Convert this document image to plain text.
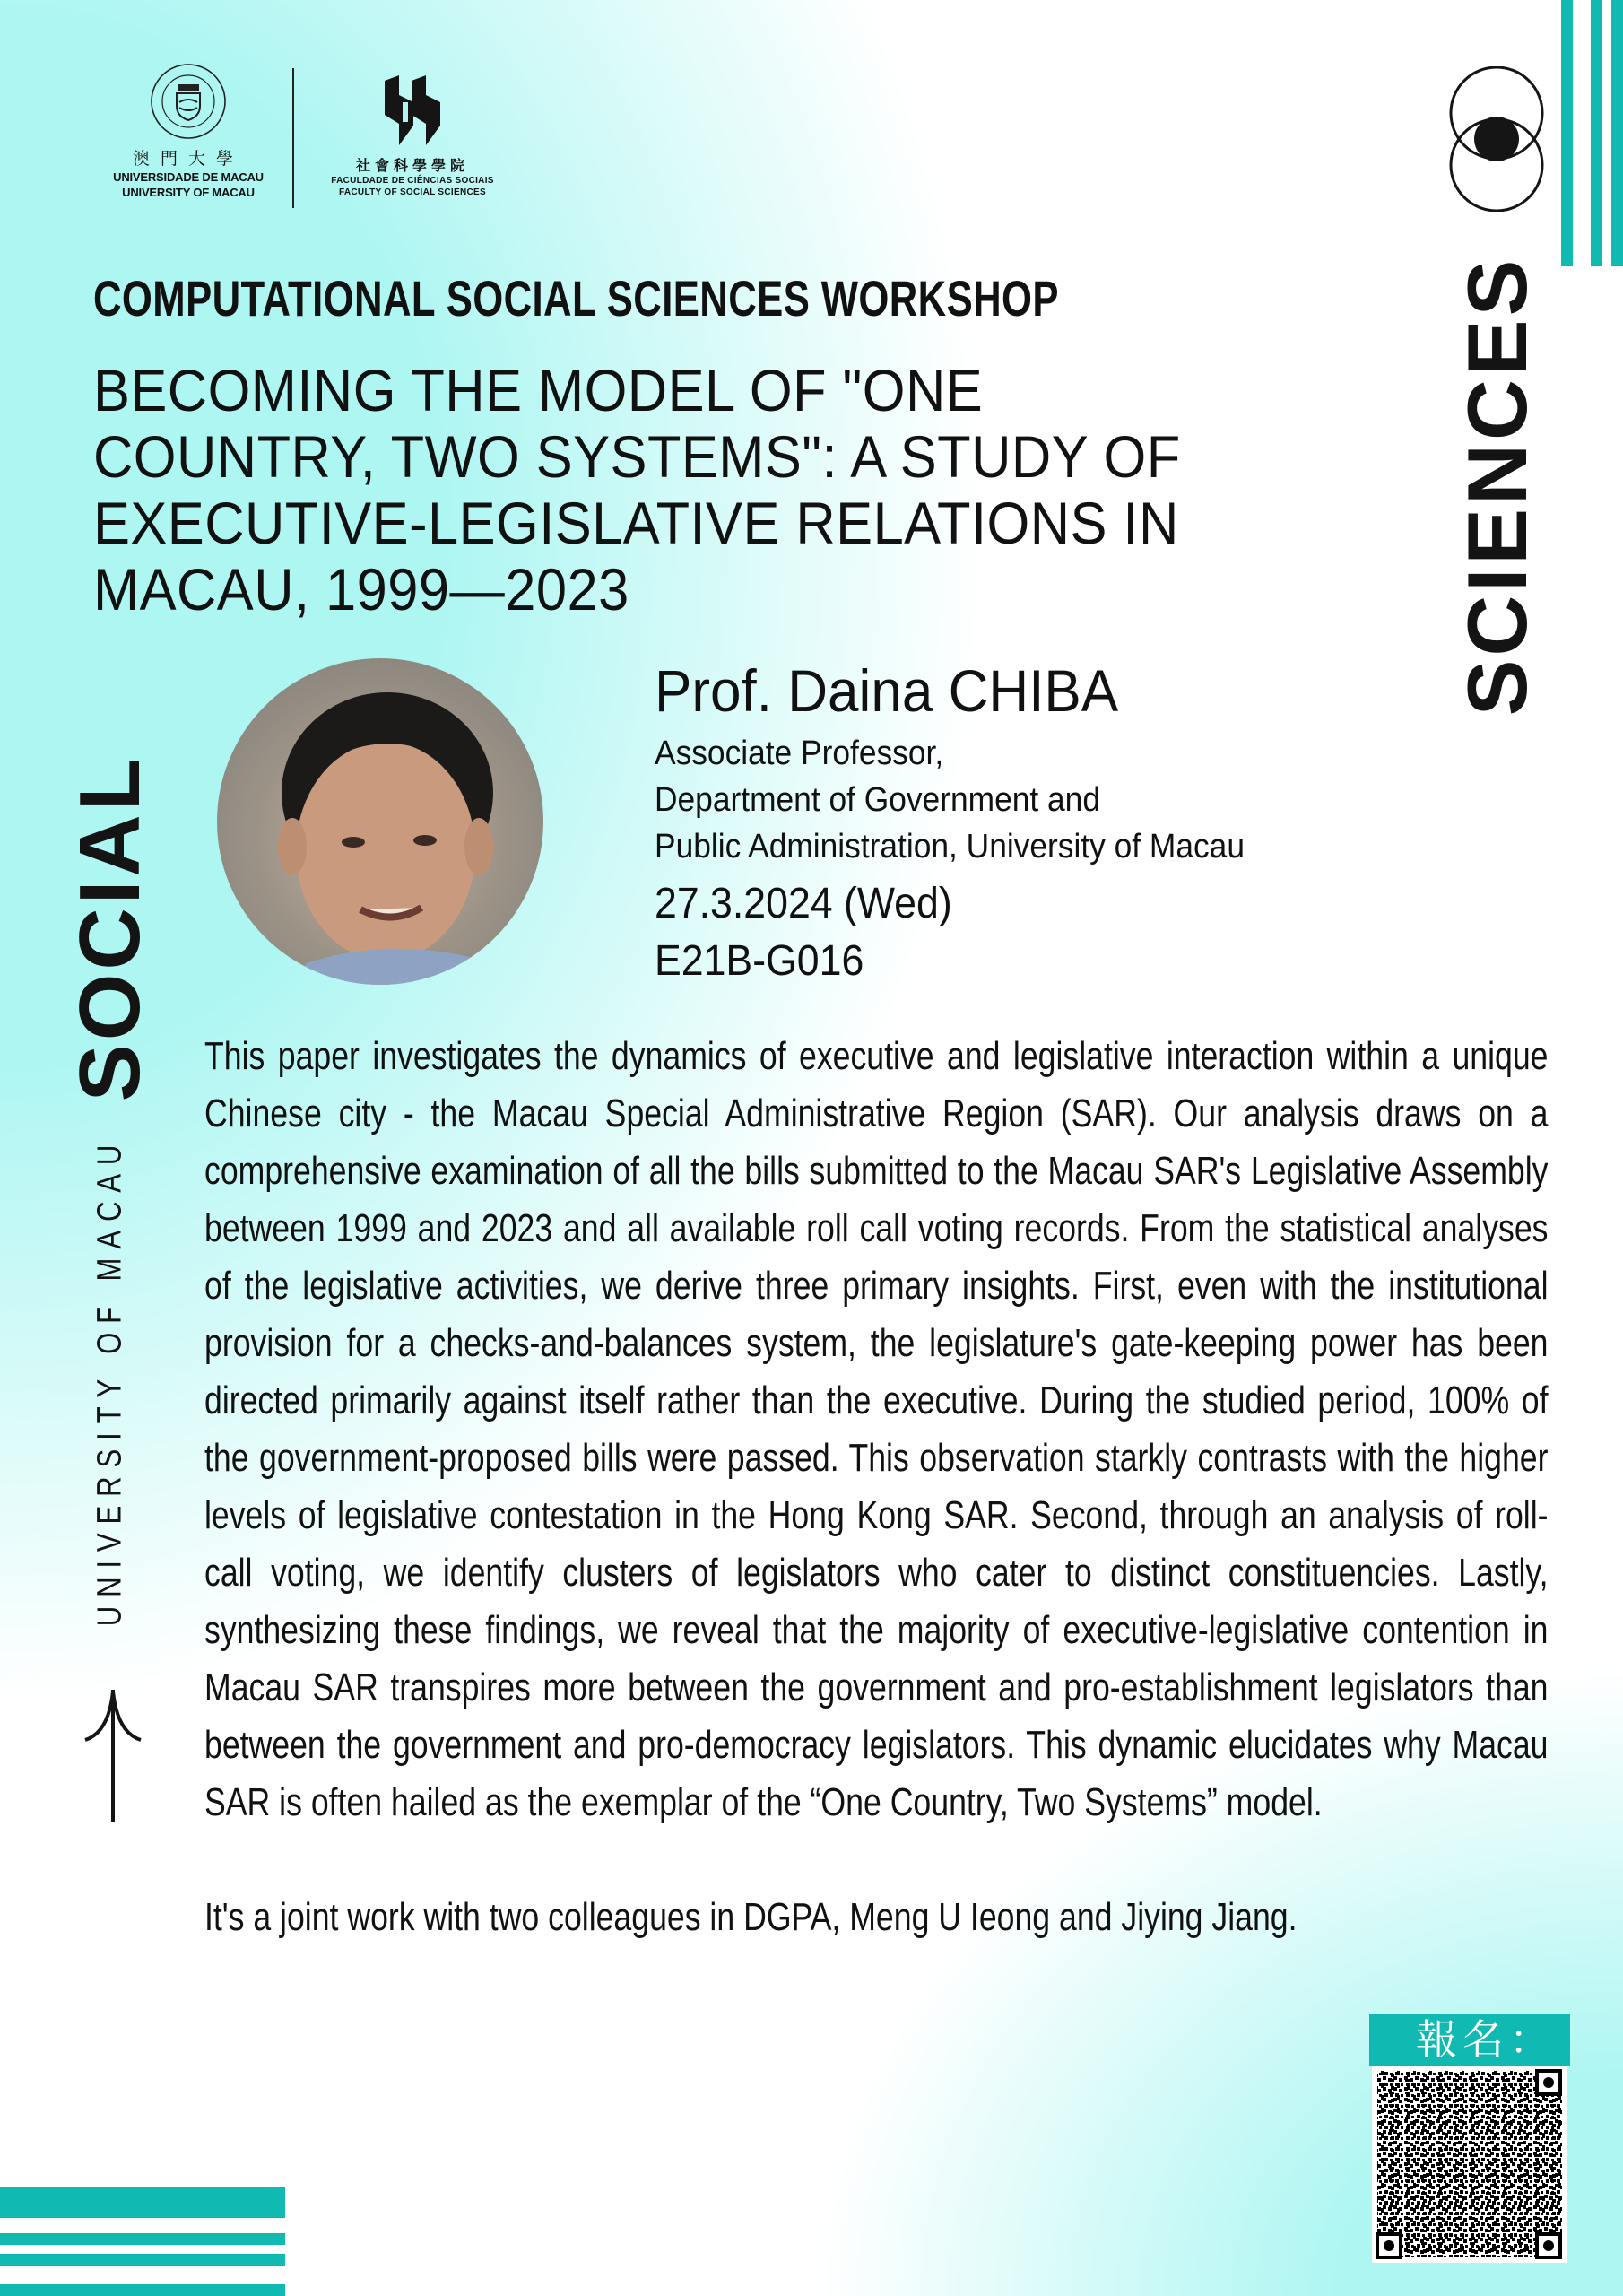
澳門大學
UNIVERSIDADE DE MACAU
UNIVERSITY OF MACAU
社會科學學院
FACULDADE DE CIÊNCIAS SOCIAIS
FACULTY OF SOCIAL SCIENCES
SCIENCES
SOCIAL
UNIVERSITY OF MACAU
COMPUTATIONAL SOCIAL SCIENCES WORKSHOP
BECOMING THE MODEL OF "ONE
COUNTRY, TWO SYSTEMS": A STUDY OF
EXECUTIVE-LEGISLATIVE RELATIONS IN
MACAU, 1999—2023
Prof. Daina CHIBA
Associate Professor,
Department of Government and
Public Administration, University of Macau
27.3.2024 (Wed)
E21B-G016

This paper investigates the dynamics of executive and legislative interaction within a unique Chinese city - the Macau Special Administrative Region (SAR). Our analysis draws on a comprehensive examination of all the bills submitted to the Macau SAR's Legislative Assembly between 1999 and 2023 and all available roll call voting records. From the statistical analyses of the legislative activities, we derive three primary insights. First, even with the institutional provision for a checks-and-balances system, the legislature's gate-keeping power has been directed primarily against itself rather than the executive. During the studied period, 100% of the government-proposed bills were passed. This observation starkly contrasts with the higher levels of legislative contestation in the Hong Kong SAR. Second, through an analysis of roll-call voting, we identify clusters of legislators who cater to distinct constituencies. Lastly, synthesizing these findings, we reveal that the majority of executive-legislative contention in Macau SAR transpires more between the government and pro-establishment legislators than between the government and pro-democracy legislators. This dynamic elucidates why Macau SAR is often hailed as the exemplar of the “One Country, Two Systems” model.

It's a joint work with two colleagues in DGPA, Meng U Ieong and Jiying Jiang.

報名：
